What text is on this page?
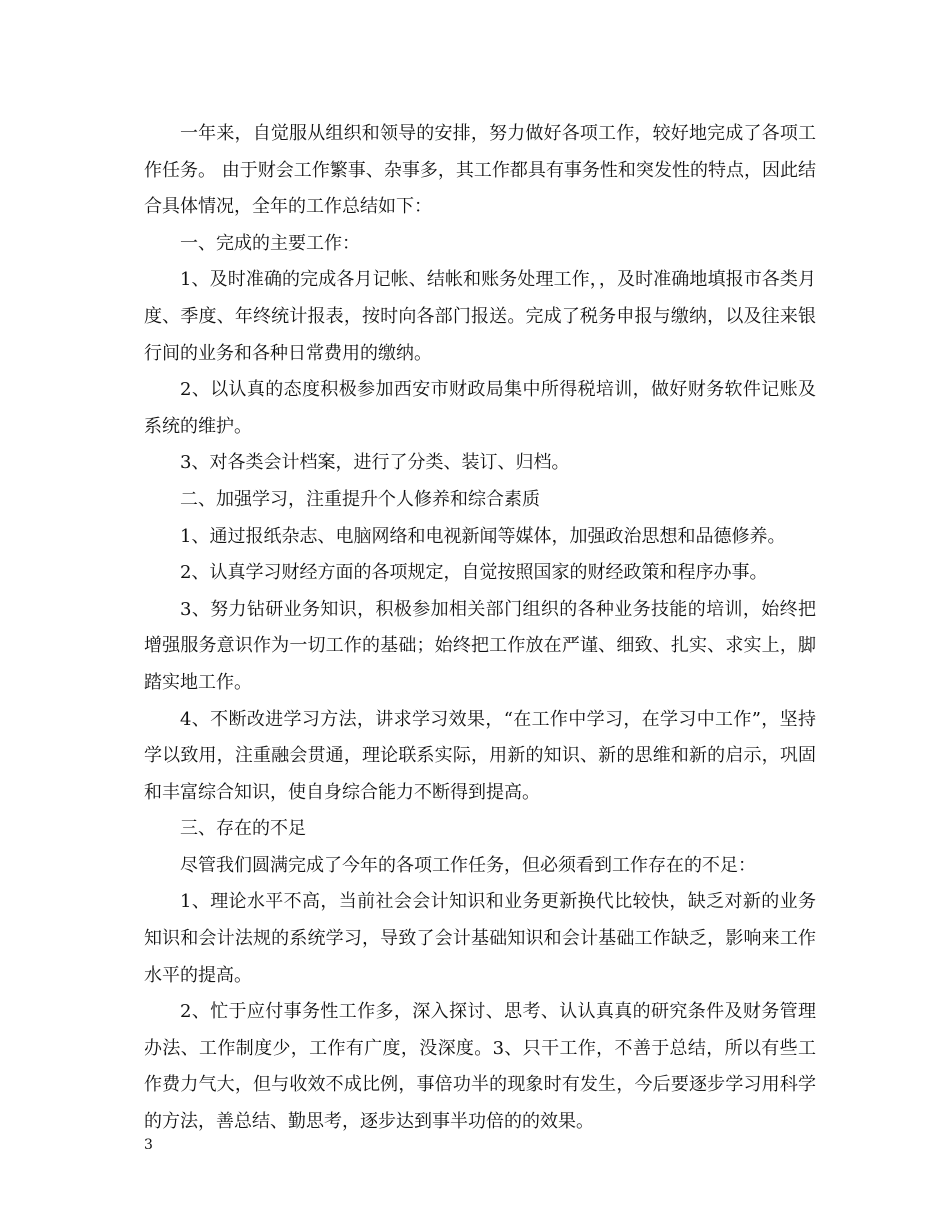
一年来，自觉服从组织和领导的安排，努力做好各项工作，较好地完成了各项工作任务。 由于财会工作繁事、杂事多，其工作都具有事务性和突发性的特点，因此结合具体情况，全年的工作总结如下：

一、完成的主要工作：

1、及时准确的完成各月记帐、结帐和账务处理工作，，及时准确地填报市各类月度、季度、年终统计报表，按时向各部门报送。完成了税务申报与缴纳，以及往来银行间的业务和各种日常费用的缴纳。

2、以认真的态度积极参加西安市财政局集中所得税培训，做好财务软件记账及系统的维护。

3、对各类会计档案，进行了分类、装订、归档。

二、加强学习，注重提升个人修养和综合素质

1、通过报纸杂志、电脑网络和电视新闻等媒体，加强政治思想和品德修养。

2、认真学习财经方面的各项规定，自觉按照国家的财经政策和程序办事。

3、努力钻研业务知识，积极参加相关部门组织的各种业务技能的培训，始终把增强服务意识作为一切工作的基础；始终把工作放在严谨、细致、扎实、求实上，脚踏实地工作。

4、不断改进学习方法，讲求学习效果，“在工作中学习，在学习中工作”，坚持学以致用，注重融会贯通，理论联系实际，用新的知识、新的思维和新的启示，巩固和丰富综合知识，使自身综合能力不断得到提高。

三、存在的不足

尽管我们圆满完成了今年的各项工作任务，但必须看到工作存在的不足：

1、理论水平不高，当前社会会计知识和业务更新换代比较快，缺乏对新的业务知识和会计法规的系统学习，导致了会计基础知识和会计基础工作缺乏，影响来工作水平的提高。

2、忙于应付事务性工作多，深入探讨、思考、认认真真的研究条件及财务管理办法、工作制度少，工作有广度，没深度。3、只干工作，不善于总结，所以有些工作费力气大，但与收效不成比例，事倍功半的现象时有发生，今后要逐步学习用科学的方法，善总结、勤思考，逐步达到事半功倍的的效果。

3
